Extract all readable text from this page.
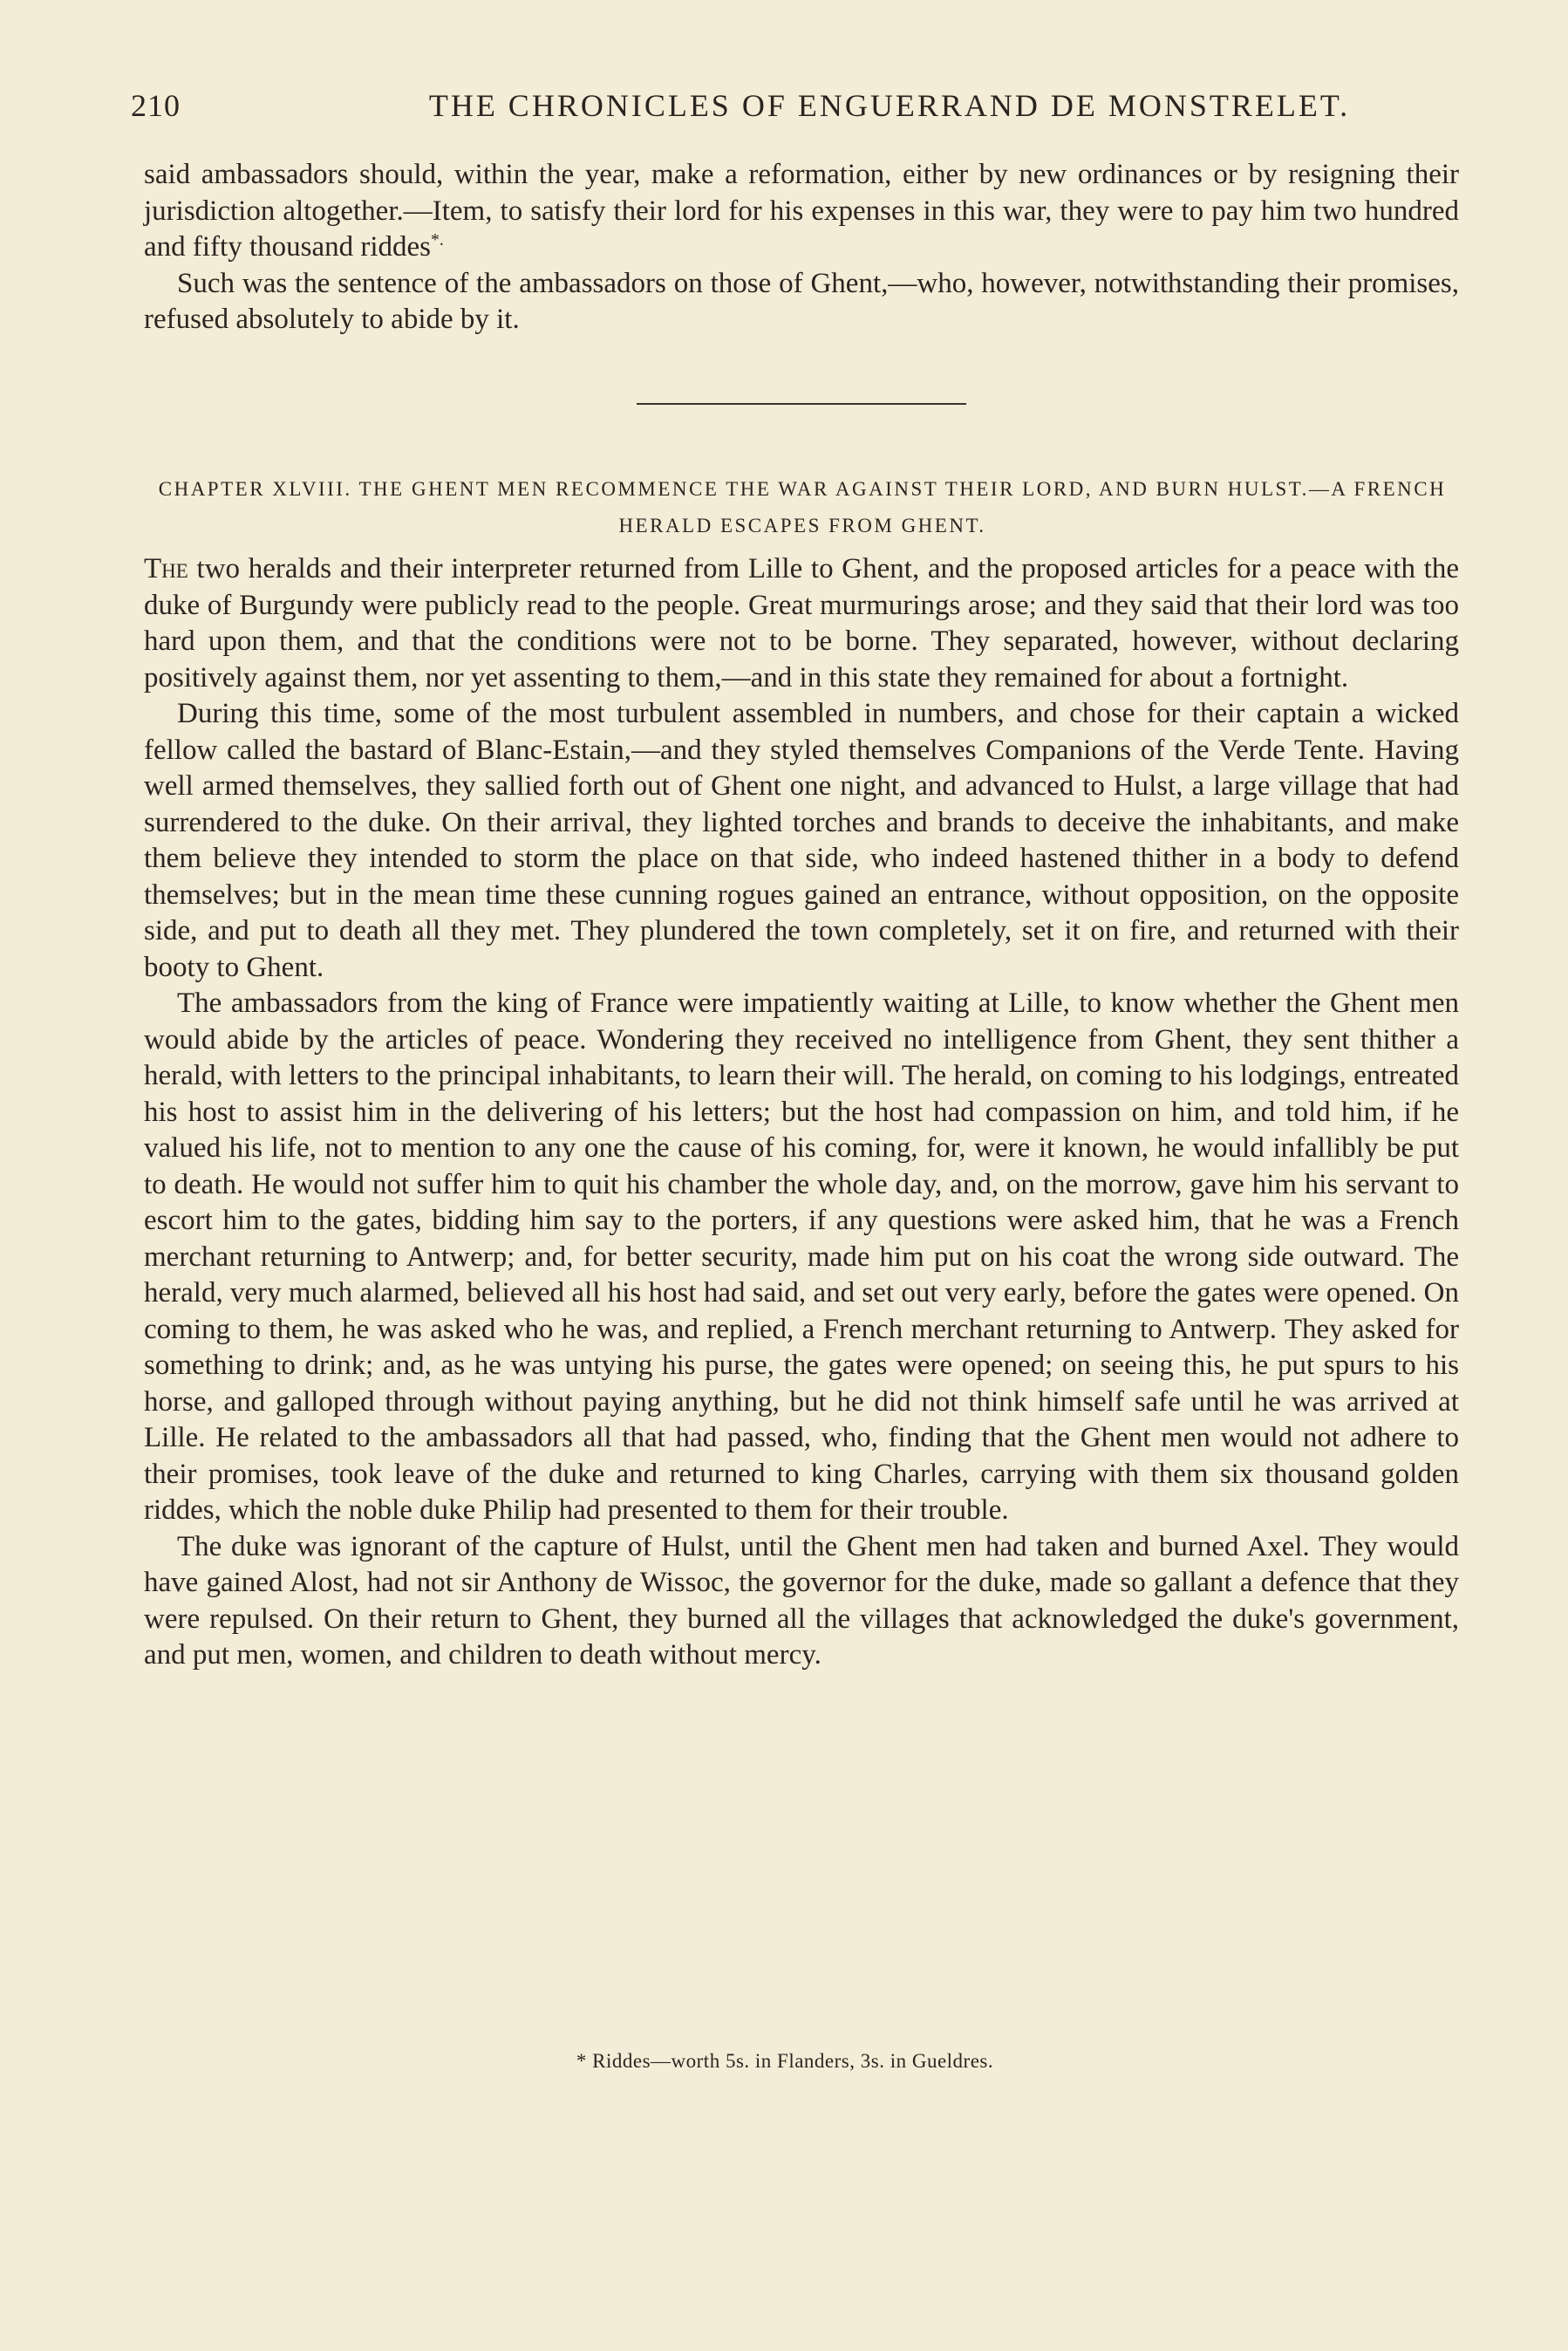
210	THE CHRONICLES OF ENGUERRAND DE MONSTRELET.

said ambassadors should, within the year, make a reformation, either by new ordinances or by resigning their jurisdiction altogether.—Item, to satisfy their lord for his expenses in this war, they were to pay him two hundred and fifty thousand riddes*.

Such was the sentence of the ambassadors on those of Ghent,—who, however, notwithstanding their promises, refused absolutely to abide by it.

CHAPTER XLVIII. THE GHENT MEN RECOMMENCE THE WAR AGAINST THEIR LORD, AND BURN HULST.—A FRENCH HERALD ESCAPES FROM GHENT.

The two heralds and their interpreter returned from Lille to Ghent, and the proposed articles for a peace with the duke of Burgundy were publicly read to the people. Great murmurings arose; and they said that their lord was too hard upon them, and that the conditions were not to be borne. They separated, however, without declaring positively against them, nor yet assenting to them,—and in this state they remained for about a fortnight.

During this time, some of the most turbulent assembled in numbers, and chose for their captain a wicked fellow called the bastard of Blanc-Estain,—and they styled themselves Companions of the Verde Tente. Having well armed themselves, they sallied forth out of Ghent one night, and advanced to Hulst, a large village that had surrendered to the duke. On their arrival, they lighted torches and brands to deceive the inhabitants, and make them believe they intended to storm the place on that side, who indeed hastened thither in a body to defend themselves; but in the mean time these cunning rogues gained an entrance, without opposition, on the opposite side, and put to death all they met. They plundered the town completely, set it on fire, and returned with their booty to Ghent.

The ambassadors from the king of France were impatiently waiting at Lille, to know whether the Ghent men would abide by the articles of peace. Wondering they received no intelligence from Ghent, they sent thither a herald, with letters to the principal inhabitants, to learn their will. The herald, on coming to his lodgings, entreated his host to assist him in the delivering of his letters; but the host had compassion on him, and told him, if he valued his life, not to mention to any one the cause of his coming, for, were it known, he would infallibly be put to death. He would not suffer him to quit his chamber the whole day, and, on the morrow, gave him his servant to escort him to the gates, bidding him say to the porters, if any questions were asked him, that he was a French merchant returning to Antwerp; and, for better security, made him put on his coat the wrong side outward. The herald, very much alarmed, believed all his host had said, and set out very early, before the gates were opened. On coming to them, he was asked who he was, and replied, a French merchant returning to Antwerp. They asked for something to drink; and, as he was untying his purse, the gates were opened; on seeing this, he put spurs to his horse, and galloped through without paying anything, but he did not think himself safe until he was arrived at Lille. He related to the ambassadors all that had passed, who, finding that the Ghent men would not adhere to their promises, took leave of the duke and returned to king Charles, carrying with them six thousand golden riddes, which the noble duke Philip had presented to them for their trouble.

The duke was ignorant of the capture of Hulst, until the Ghent men had taken and burned Axel. They would have gained Alost, had not sir Anthony de Wissoc, the governor for the duke, made so gallant a defence that they were repulsed. On their return to Ghent, they burned all the villages that acknowledged the duke's government, and put men, women, and children to death without mercy.

* Riddes—worth 5s. in Flanders, 3s. in Gueldres.
